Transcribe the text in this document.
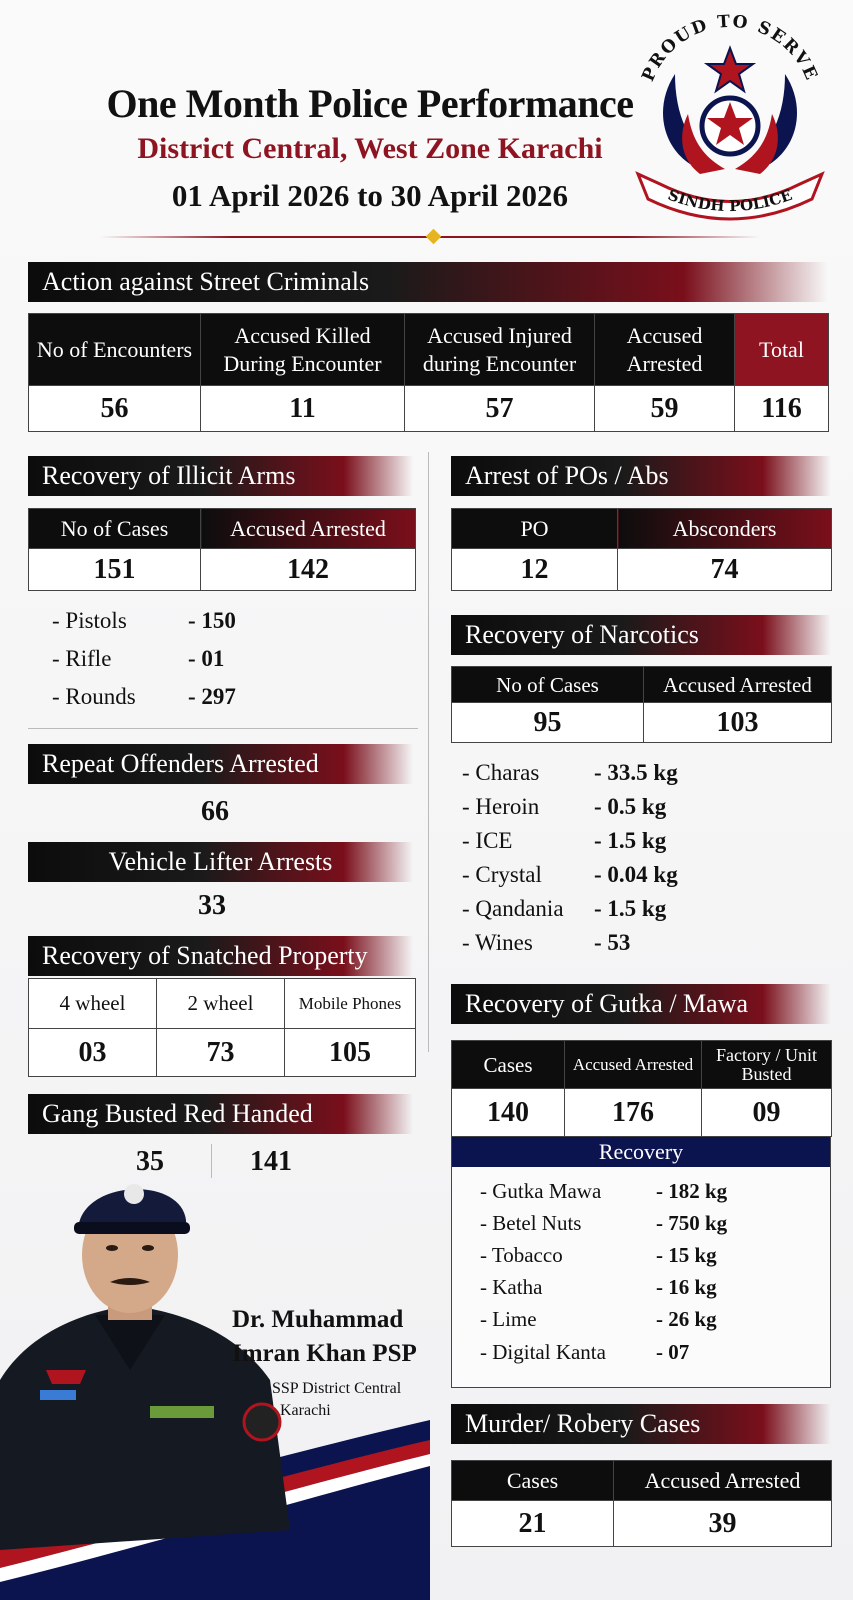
One Month Police Performance
District Central, West Zone Karachi
01 April 2026 to 30 April 2026
PROUD TO SERVE
SINDH POLICE
Action against Street Criminals
No of Encounters	Accused Killed During Encounter	Accused Injured during Encounter	Accused Arrested	Total
56	11	57	59	116
Recovery of Illicit Arms
No of Cases	Accused Arrested
151	142
- Pistols	- 150
- Rifle	- 01
- Rounds - 297
Repeat Offenders Arrested
66
Vehicle Lifter Arrests
33
Recovery of Snatched Property
4 wheel	2 wheel	Mobile Phones
03	73	105
Gang Busted Red Handed
35	141
Arrest of POs / Abs
PO	Absconders
12	74
Recovery of Narcotics
No of Cases	Accused Arrested
95	103
- Charas - 33.5 kg
- Heroin - 0.5 kg
- ICE	- 1.5 kg
- Crystal - 0.04 kg
- Qandania - 1.5 kg
- Wines	- 53
Recovery of Gutka / Mawa
Cases	Accused Arrested	Factory / Unit Busted
140	176	09
Recovery
- Gutka Mawa	- 182 kg
- Betel Nuts	- 750 kg
- Tobacco	- 15 kg
- Katha	- 16 kg
- Lime	- 26 kg
- Digital Kanta - 07
Murder/ Robery Cases
Cases	Accused Arrested
21	39
Dr. Muhammad
Imran Khan PSP
SSP District Central
Karachi
